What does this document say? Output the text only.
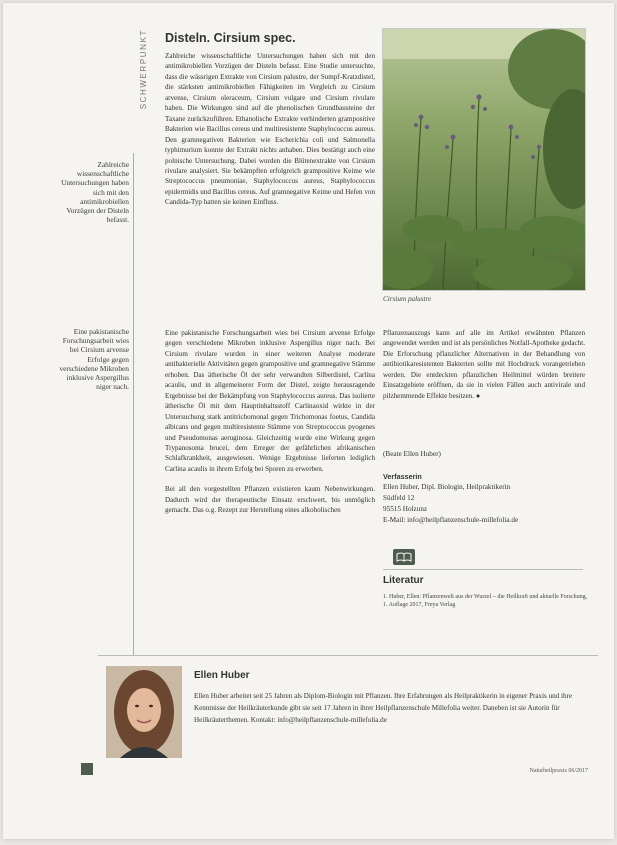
SCHWERPUNKT
Zahlreiche wissenschaftliche Untersuchungen haben sich mit den antimikrobiellen Vorzügen der Disteln befasst.
Eine pakistanische Forschungsarbeit wies bei Cirsium arvense Erfolge gegen verschiedene Mikroben inklusive Aspergillus niger nach.
Disteln. Cirsium spec.

Zahlreiche wissenschaftliche Untersuchungen haben sich mit den antimikrobiellen Vorzügen der Disteln befasst. Eine Studie untersuchte, dass die wässrigen Extrakte von Cirsium palustre, der Sumpf-Kratzdistel, die stärksten antimikrobiellen Fähigkeiten im Vergleich zu Cirsium arvense, Cirsium oleraceum, Cirsium vulgare und Cirsium rivulare haben. Die Wirkungen sind auf die phenolischen Grundbausteine der Taxane zurückzuführen. Ethanolische Extrakte verhinderten grampositive Bakterien wie Bacillus cereus und multiresistente Staphylococcus aureus. Den gramnegativen Bakterien wie Escherichia coli und Salmonella typhimurium konnte der Extrakt nichts anhaben. Dies bestätigt auch eine polnische Untersuchung. Dabei wurden die Blütenextrakte von Cirsium rivulare analysiert. Sie bekämpften erfolgreich grampositive Keime wie Streptococcus pneumoniae, Staphylococcus aureus, Staphylococcus epidermidis und Bacillus cereus. Auf gramnegative Keime und Hefen von Candida-Typ hatten sie keinen Einfluss.

Cirsium palustre

Eine pakistanische Forschungsarbeit wies bei Cirsium arvense Erfolge gegen verschiedene Mikroben inklusive Aspergillus niger nach. Bei Cirsium rivulare wurden in einer weiteren Analyse moderate antibakterielle Aktivitäten gegen grampositive und gramnegative Stämme erhoben. Das ätherische Öl der sehr verwandten Silberdistel, Carlina acaulis, und in allgemeinerer Form der Distel, zeigte herausragende Ergebnisse bei der Bekämpfung von Staphylococcus aureus. Das isolierte ätherische Öl mit dem Hauptinhaltsstoff Carlinaoxid wirkte in der Untersuchung stark antitrichomonal gegen Trichomonas foetus, Candida albicans und gegen multiresistente Stämme von Streptococcus pyogenes und Pseudomonas aeruginosa. Gleichzeitig wurde eine Wirkung gegen Trypanosoma brucei, dem Erreger der gefährlichen afrikanischen Schlafkrankheit, ausgewiesen. Wenige Ergebnisse lieferten lediglich Carlina acaulis in ihrem Erfolg bei Sporen zu erwerben.

Bei all den vorgestellten Pflanzen existieren kaum Nebenwirkungen. Dadurch wird der therapeutische Einsatz erschwert, bis unmöglich gemacht. Das o.g. Rezept zur Herstellung eines alkoholischen

Pflanzenauszugs kann auf alle im Artikel erwähnten Pflanzen angewendet werden und ist als persönliches Notfall-Apotheke gedacht. Die Erforschung pflanzlicher Alternativen in der Behandlung von antibiotikaresistenten Bakterien sollte mit Hochdruck vorangetrieben werden. Die entdeckten pflanzlichen Heilmittel würden breitere Einsatzgebiete eröffnen, da sie in vielen Fällen auch antivirale und pilzhemmende Effekte besitzen. ●

(Beate Ellen Huber)
Verfasserin
Ellen Huber, Dipl. Biologin, Heilpraktikerin
Südfeld 12
95515 Holzunz
E-Mail: info@heilpflanzenschule-millefolia.de
Literatur
1. Huber, Ellen: Pflanzenwelt aus der Wurzel – die Heilkraft und aktuelle Forschung, 1. Auflage 2017, Freya Verlag
Ellen Huber
Ellen Huber arbeitet seit 25 Jahren als Diplom-Biologin mit Pflanzen. Ihre Erfahrungen als Heilpraktikerin in eigener Praxis und ihre Kenntnisse der Heilkräuterkunde gibt sie seit 17 Jahren in ihrer Heilpflanzenschule Millefolia weiter. Daneben ist sie Autorin für Heilkräuterthemen. Kontakt: info@heilpflanzenschule-millefolia.de
Naturheilpraxis 06/2017
